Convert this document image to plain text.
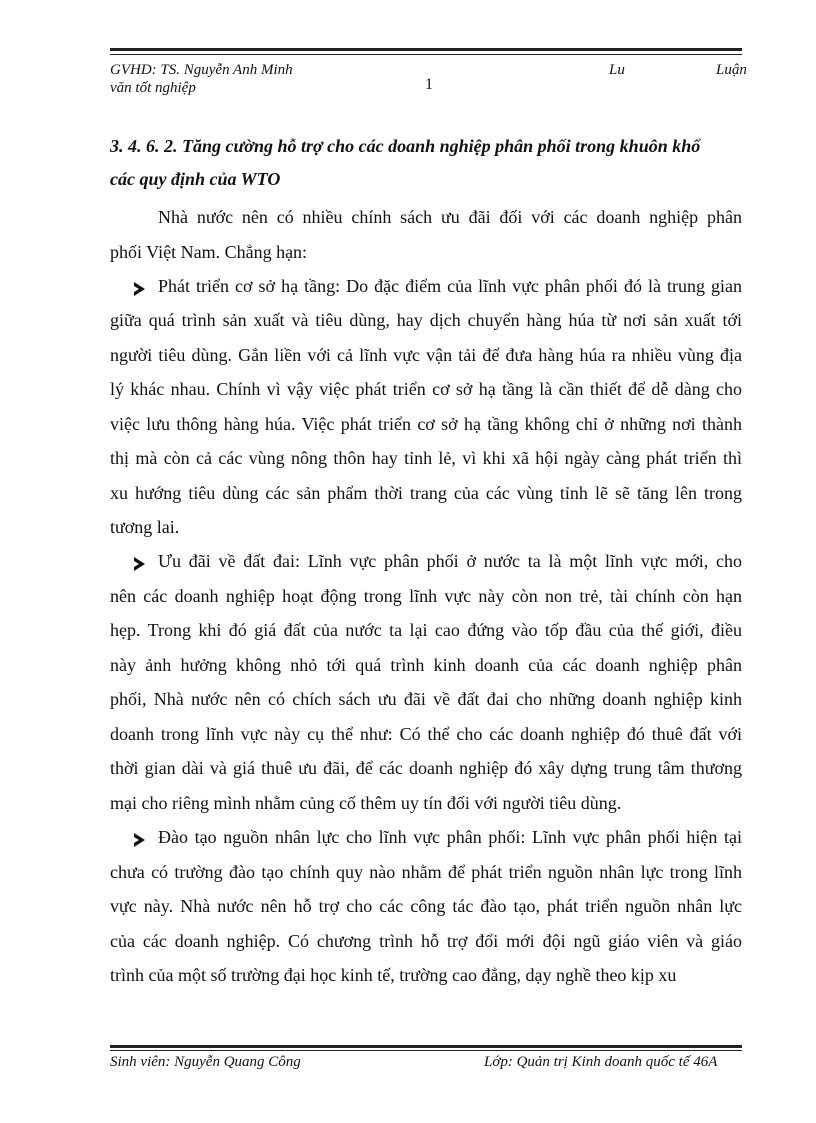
GVHD: TS. Nguyễn Anh Minh
văn tốt nghiệp	1
Lu	Luận
3. 4. 6. 2. Tăng cường hỗ trợ cho các doanh nghiệp phân phối trong khuôn khổ
các quy định của WTO
Nhà nước nên có nhiều chính sách ưu đãi đối với các doanh nghiệp phân
phối Việt Nam. Chẳng hạn:
Phát triển cơ sở hạ tầng: Do đặc điểm của lĩnh vực phân phối đó là trung gian
giữa quá trình sản xuất và tiêu dùng, hay dịch chuyển hàng húa từ nơi sản xuất tới
người tiêu dùng. Gắn liền với cả lĩnh vực vận tải để đưa hàng húa ra nhiều vùng địa
lý khác nhau. Chính vì vậy việc phát triển cơ sở hạ tầng là cần thiết để dễ dàng cho
việc lưu thông hàng húa. Việc phát triển cơ sở hạ tầng không chỉ ở những nơi thành
thị mà còn cả các vùng nông thôn hay tỉnh lẻ, vì khi xã hội ngày càng phát triển thì
xu hướng tiêu dùng các sản phẩm thời trang của các vùng tỉnh lẽ sẽ tăng lên trong
tương lai.
Ưu đãi về đất đai: Lĩnh vực phân phối ở nước ta là một lĩnh vực mới, cho
nên các doanh nghiệp hoạt động trong lĩnh vực này còn non trẻ, tài chính còn hạn
hẹp. Trong khi đó giá đất của nước ta lại cao đứng vào tốp đầu của thế giới, điều
này ảnh hưởng không nhỏ tới quá trình kinh doanh của các doanh nghiệp phân
phối, Nhà nước nên có chích sách ưu đãi về đất đai cho những doanh nghiệp kinh
doanh trong lĩnh vực này cụ thể như: Có thể cho các doanh nghiệp đó thuê đất với
thời gian dài và giá thuê ưu đãi, để các doanh nghiệp đó xây dựng trung tâm thương
mại cho riêng mình nhằm củng cố thêm uy tín đối với người tiêu dùng.
Đào tạo nguồn nhân lực cho lĩnh vực phân phối: Lĩnh vực phân phối hiện tại
chưa có trường đào tạo chính quy nào nhằm để phát triển nguồn nhân lực trong lĩnh
vực này. Nhà nước nên hỗ trợ cho các công tác đào tạo, phát triển nguồn nhân lực
của các doanh nghiệp. Có chương trình hỗ trợ đổi mới đội ngũ giáo viên và giáo
trình của một số trường đại học kinh tế, trường cao đẳng, dạy nghề theo kịp xu
Sinh viên: Nguyễn Quang Công	Lớp: Quản trị Kinh doanh quốc tế 46A
